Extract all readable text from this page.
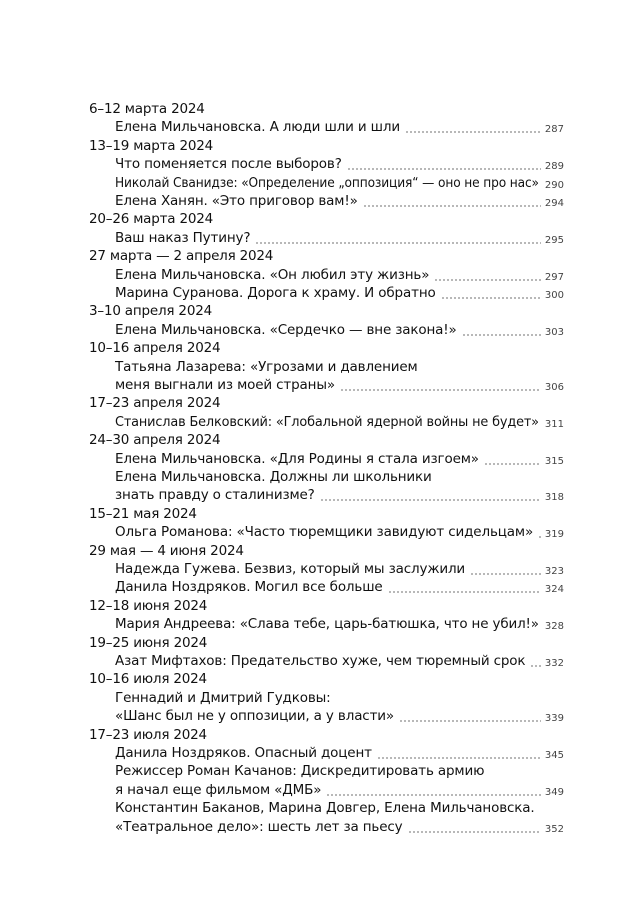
6–12 марта 2024
Елена Мильчановска. А люди шли и шли	287
13–19 марта 2024
Что поменяется после выборов?	289
Николай Сванидзе: «Определение „оппозиция“ — оно не про нас» 290
Елена Ханян. «Это приговор вам!»	294
20–26 марта 2024
Ваш наказ Путину?	295
27 марта — 2 апреля 2024
Елена Мильчановска. «Он любил эту жизнь»	297
Марина Суранова. Дорога к храму. И обратно	300
3–10 апреля 2024
Елена Мильчановска. «Сердечко — вне закона!»	303
10–16 апреля 2024
Татьяна Лазарева: «Угрозами и давлением
меня выгнали из моей страны»	306
17–23 апреля 2024
Станислав Белковский: «Глобальной ядерной войны не будет» 311
24–30 апреля 2024
Елена Мильчановска. «Для Родины я стала изгоем»	315
Елена Мильчановска. Должны ли школьники
знать правду о сталинизме?	318
15–21 мая 2024
Ольга Романова: «Часто тюремщики завидуют сидельцам» 319
29 мая — 4 июня 2024
Надежда Гужева. Безвиз, который мы заслужили	323
Данила Ноздряков. Могил все больше	324
12–18 июня 2024
Мария Андреева: «Слава тебе, царь-батюшка, что не убил!» 328
19–25 июня 2024
Азат Мифтахов: Предательство хуже, чем тюремный срок 332
10–16 июля 2024
Геннадий и Дмитрий Гудковы:
«Шанс был не у оппозиции, а у власти»	339
17–23 июля 2024
Данила Ноздряков. Опасный доцент	345
Режиссер Роман Качанов: Дискредитировать армию
я начал еще фильмом «ДМБ»	349
Константин Баканов, Марина Довгер, Елена Мильчановска.
«Театральное дело»: шесть лет за пьесу	352
